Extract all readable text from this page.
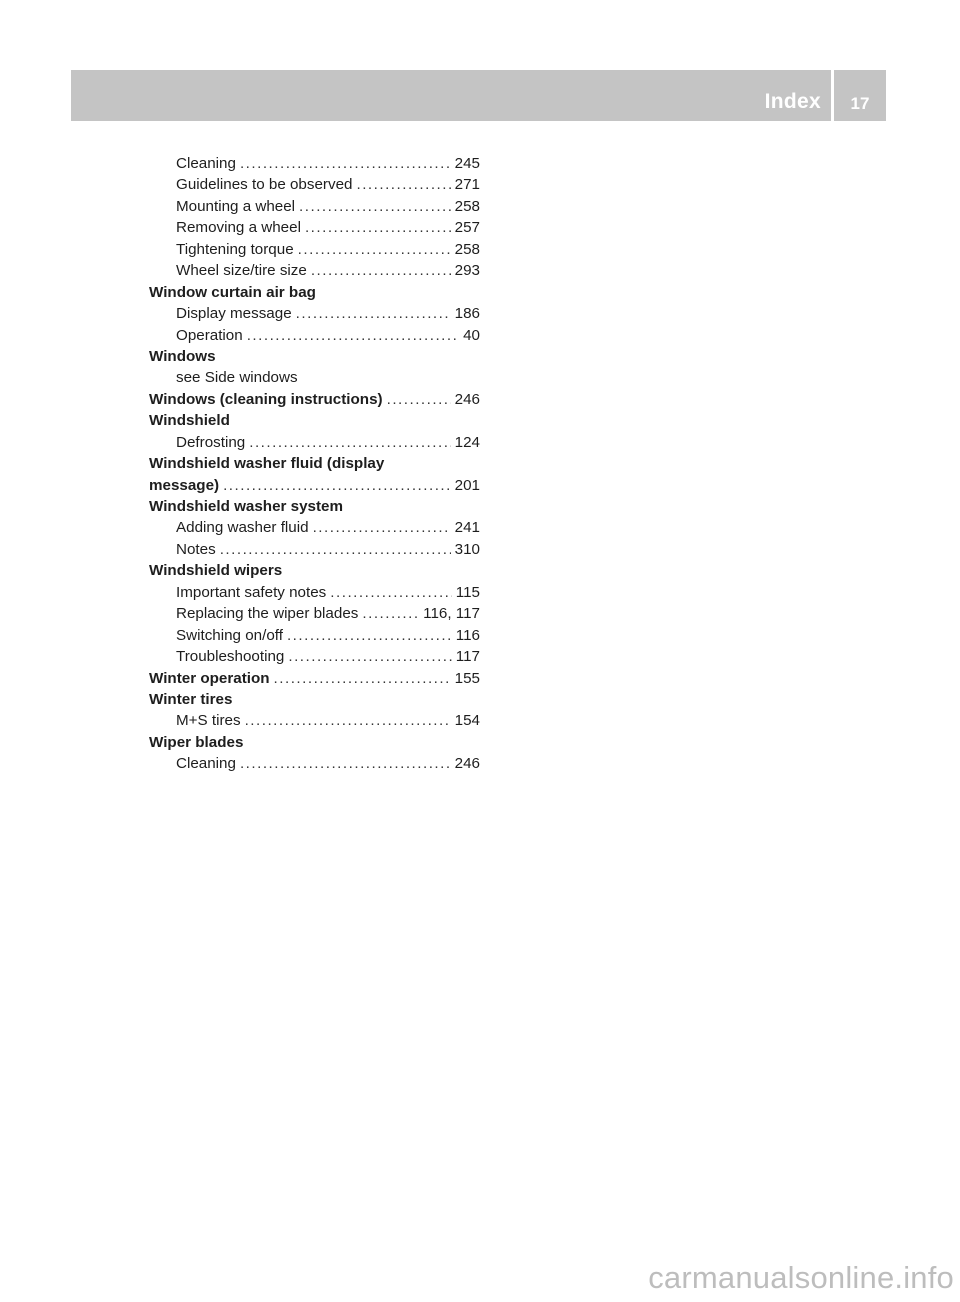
Index	17
Cleaning .....	245
Guidelines to be observed .....	271
Mounting a wheel .....	258
Removing a wheel .....	257
Tightening torque .....	258
Wheel size/tire size .....	293
Window curtain air bag
Display message .....	186
Operation .....	40
Windows
see Side windows
Windows (cleaning instructions) .....	246
Windshield
Defrosting .....	124
Windshield washer fluid (display
message) .....	201
Windshield washer system
Adding washer fluid .....	241
Notes .....	310
Windshield wipers
Important safety notes .....	115
Replacing the wiper blades .....	116, 117
Switching on/off .....	116
Troubleshooting .....	117
Winter operation .....	155
Winter tires
M+S tires .....	154
Wiper blades
Cleaning .....	246
carmanualsonline.info
